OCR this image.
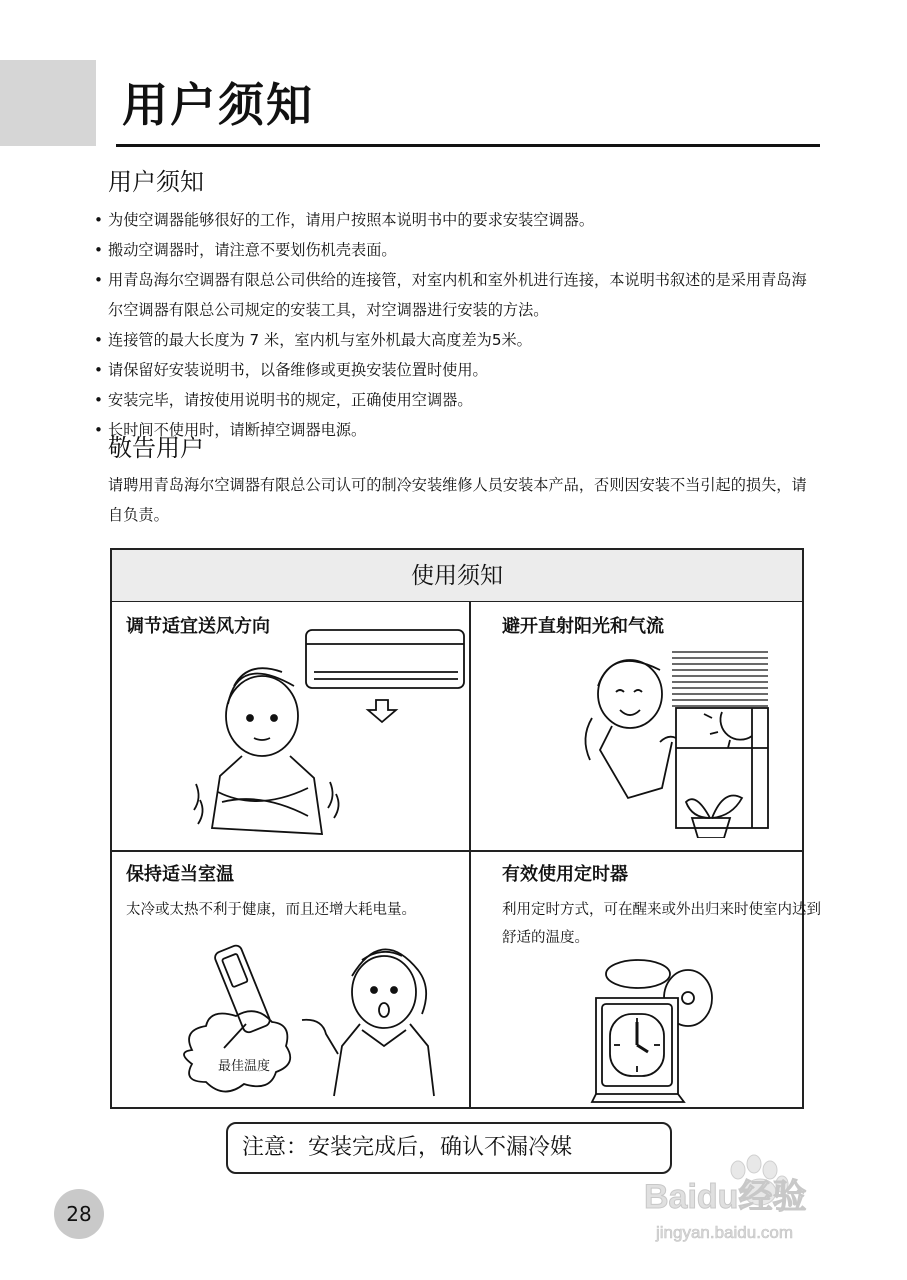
用户须知
用户须知
• 为使空调器能够很好的工作，请用户按照本说明书中的要求安装空调器。
• 搬动空调器时，请注意不要划伤机壳表面。
• 用青岛海尔空调器有限总公司供给的连接管，对室内机和室外机进行连接，本说明书叙述的是采用青岛海尔空调器有限总公司规定的安装工具，对空调器进行安装的方法。
• 连接管的最大长度为 7 米，室内机与室外机最大高度差为5米。
• 请保留好安装说明书，以备维修或更换安装位置时使用。
• 安装完毕，请按使用说明书的规定，正确使用空调器。
• 长时间不使用时，请断掉空调器电源。
敬告用户

请聘用青岛海尔空调器有限总公司认可的制冷安装维修人员安装本产品，否则因安装不当引起的损失，请自负责。

使用须知
调节适宜送风方向	避开直射阳光和气流
保持适当室温

太冷或太热不利于健康，而且还增大耗电量。

最佳温度
有效使用定时器

利用定时方式，可在醒来或外出归来时使室内达到舒适的温度。

注意：安装完成后，确认不漏冷媒
28	Baidu经验
jingyan.baidu.com
